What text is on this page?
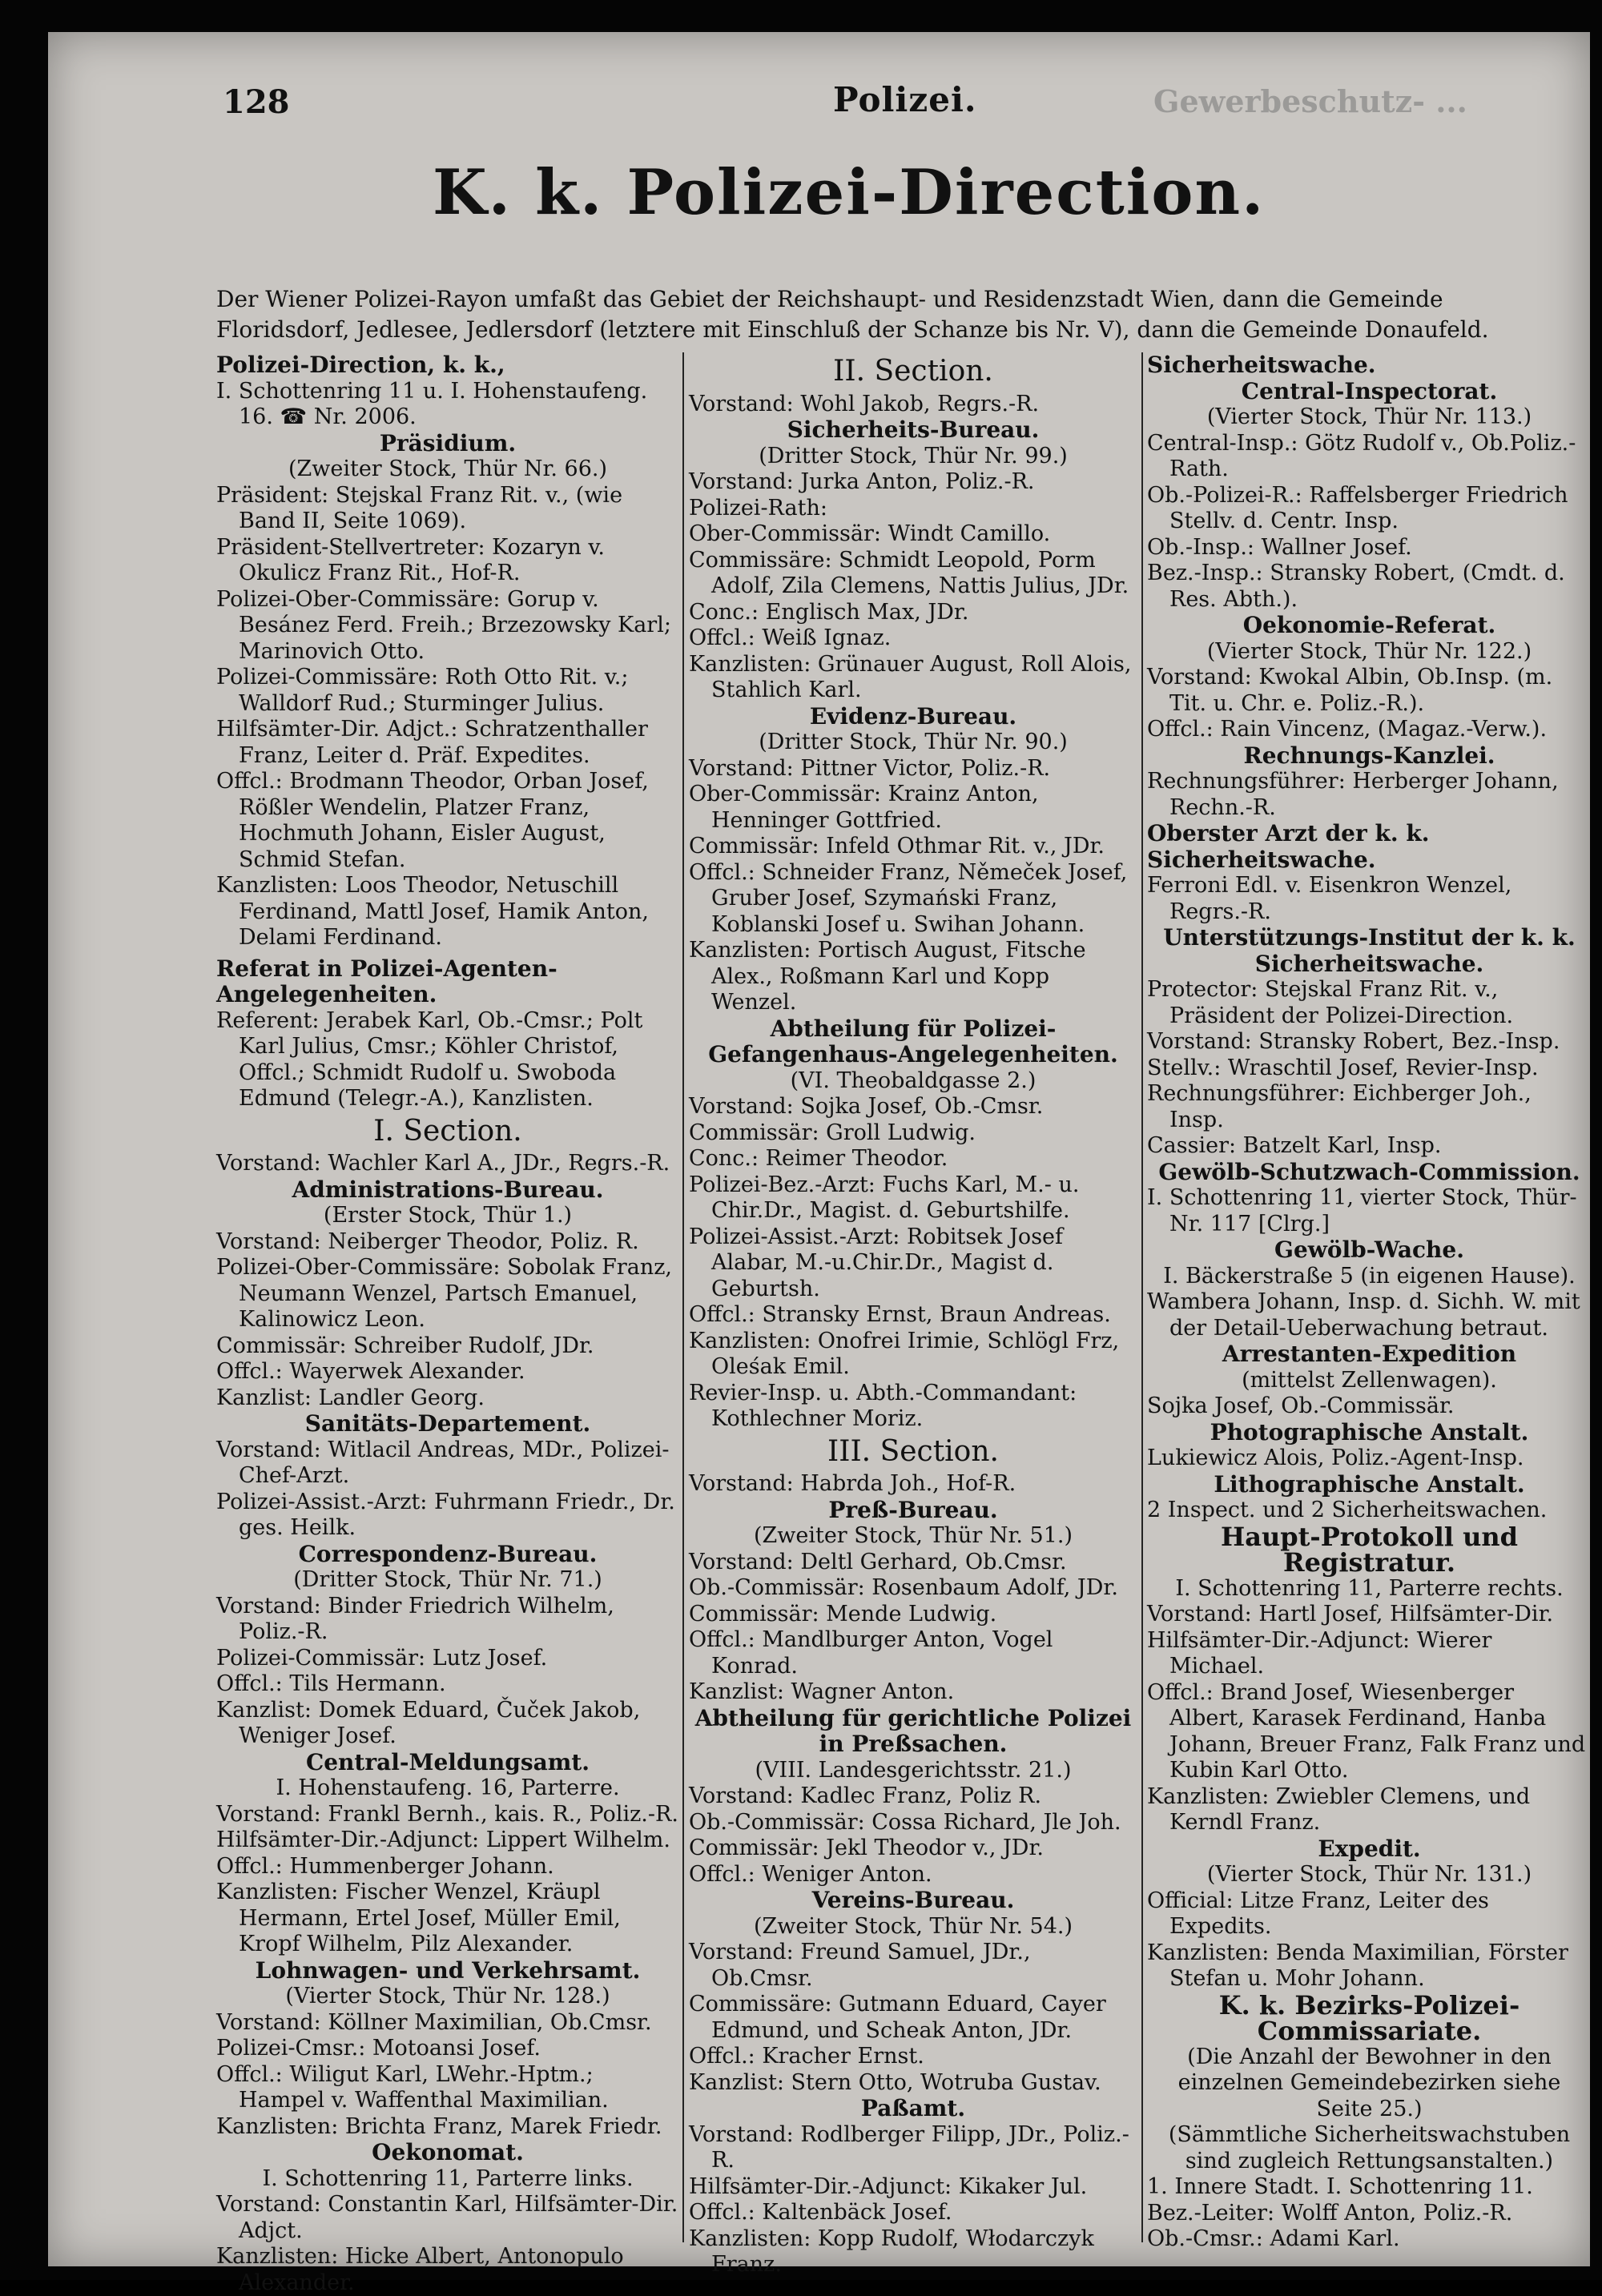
128	Polizei.	Gewerbeschutz- ...
K. k. Polizei-Direction.
Der Wiener Polizei-Rayon umfaßt das Gebiet der Reichshaupt- und Residenzstadt Wien, dann die Gemeinde Floridsdorf, Jedlesee, Jedlersdorf (letztere mit Einschluß der Schanze bis Nr. V), dann die Gemeinde Donaufeld.
Polizei-Direction, k. k.,
I. Schottenring 11 u. I. Hohenstaufeng. 16. ☎ Nr. 2006.
Präsidium.
(Zweiter Stock, Thür Nr. 66.)
Präsident: Stejskal Franz Rit. v., (wie Band II, Seite 1069).
Präsident-Stellvertreter: Kozaryn v. Okulicz Franz Rit., Hof-R.
Polizei-Ober-Commissäre: Gorup v. Besánez Ferd. Freih.; Brzezowsky Karl; Marinovich Otto.
Polizei-Commissäre: Roth Otto Rit. v.; Walldorf Rud.; Sturminger Julius.
Hilfsämter-Dir. Adjct.: Schratzenthaller Franz, Leiter d. Präf. Expedites.
Offcl.: Brodmann Theodor, Orban Josef, Rößler Wendelin, Platzer Franz, Hochmuth Johann, Eisler August, Schmid Stefan.
Kanzlisten: Loos Theodor, Netuschill Ferdinand, Mattl Josef, Hamik Anton, Delami Ferdinand.
Referat in Polizei-Agenten-Angelegenheiten.
Referent: Jerabek Karl, Ob.-Cmsr.; Polt Karl Julius, Cmsr.; Köhler Christof, Offcl.; Schmidt Rudolf u. Swoboda Edmund (Telegr.-A.), Kanzlisten.
I. Section.
Vorstand: Wachler Karl A., JDr., Regrs.-R.
Administrations-Bureau.
(Erster Stock, Thür 1.)
Vorstand: Neiberger Theodor, Poliz. R.
Polizei-Ober-Commissäre: Sobolak Franz, Neumann Wenzel, Partsch Emanuel, Kalinowicz Leon.
Commissär: Schreiber Rudolf, JDr.
Offcl.: Wayerwek Alexander.
Kanzlist: Landler Georg.
Sanitäts-Departement.
Vorstand: Witlacil Andreas, MDr., Polizei-Chef-Arzt.
Polizei-Assist.-Arzt: Fuhrmann Friedr., Dr. ges. Heilk.
Correspondenz-Bureau.
(Dritter Stock, Thür Nr. 71.)
Vorstand: Binder Friedrich Wilhelm, Poliz.-R.
Polizei-Commissär: Lutz Josef.
Offcl.: Tils Hermann.
Kanzlist: Domek Eduard, Čuček Jakob, Weniger Josef.
Central-Meldungsamt.
I. Hohenstaufeng. 16, Parterre.
Vorstand: Frankl Bernh., kais. R., Poliz.-R.
Hilfsämter-Dir.-Adjunct: Lippert Wilhelm.
Offcl.: Hummenberger Johann.
Kanzlisten: Fischer Wenzel, Kräupl Hermann, Ertel Josef, Müller Emil, Kropf Wilhelm, Pilz Alexander.
Lohnwagen- und Verkehrsamt.
(Vierter Stock, Thür Nr. 128.)
Vorstand: Köllner Maximilian, Ob.Cmsr.
Polizei-Cmsr.: Motoansi Josef.
Offcl.: Wiligut Karl, LWehr.-Hptm.; Hampel v. Waffenthal Maximilian.
Kanzlisten: Brichta Franz, Marek Friedr.
Oekonomat.
I. Schottenring 11, Parterre links.
Vorstand: Constantin Karl, Hilfsämter-Dir. Adjct.
Kanzlisten: Hicke Albert, Antonopulo Alexander.
II. Section.
Vorstand: Wohl Jakob, Regrs.-R.
Sicherheits-Bureau.
(Dritter Stock, Thür Nr. 99.)
Vorstand: Jurka Anton, Poliz.-R.
Polizei-Rath:
Ober-Commissär: Windt Camillo.
Commissäre: Schmidt Leopold, Porm Adolf, Zila Clemens, Nattis Julius, JDr.
Conc.: Englisch Max, JDr.
Offcl.: Weiß Ignaz.
Kanzlisten: Grünauer August, Roll Alois, Stahlich Karl.
Evidenz-Bureau.
(Dritter Stock, Thür Nr. 90.)
Vorstand: Pittner Victor, Poliz.-R.
Ober-Commissär: Krainz Anton, Henninger Gottfried.
Commissär: Infeld Othmar Rit. v., JDr.
Offcl.: Schneider Franz, Němeček Josef, Gruber Josef, Szymański Franz, Koblanski Josef u. Swihan Johann.
Kanzlisten: Portisch August, Fitsche Alex., Roßmann Karl und Kopp Wenzel.
Abtheilung für Polizei-Gefangenhaus-Angelegenheiten.
(VI. Theobaldgasse 2.)
Vorstand: Sojka Josef, Ob.-Cmsr.
Commissär: Groll Ludwig.
Conc.: Reimer Theodor.
Polizei-Bez.-Arzt: Fuchs Karl, M.- u. Chir.Dr., Magist. d. Geburtshilfe.
Polizei-Assist.-Arzt: Robitsek Josef Alabar, M.-u.Chir.Dr., Magist d. Geburtsh.
Offcl.: Stransky Ernst, Braun Andreas.
Kanzlisten: Onofrei Irimie, Schlögl Frz, Oleśak Emil.
Revier-Insp. u. Abth.-Commandant: Kothlechner Moriz.
III. Section.
Vorstand: Habrda Joh., Hof-R.
Preß-Bureau.
(Zweiter Stock, Thür Nr. 51.)
Vorstand: Deltl Gerhard, Ob.Cmsr.
Ob.-Commissär: Rosenbaum Adolf, JDr.
Commissär: Mende Ludwig.
Offcl.: Mandlburger Anton, Vogel Konrad.
Kanzlist: Wagner Anton.
Abtheilung für gerichtliche Polizei in Preßsachen.
(VIII. Landesgerichtsstr. 21.)
Vorstand: Kadlec Franz, Poliz R.
Ob.-Commissär: Cossa Richard, Jle Joh.
Commissär: Jekl Theodor v., JDr.
Offcl.: Weniger Anton.
Vereins-Bureau.
(Zweiter Stock, Thür Nr. 54.)
Vorstand: Freund Samuel, JDr., Ob.Cmsr.
Commissäre: Gutmann Eduard, Cayer Edmund, und Scheak Anton, JDr.
Offcl.: Kracher Ernst.
Kanzlist: Stern Otto, Wotruba Gustav.
Paßamt.
Vorstand: Rodlberger Filipp, JDr., Poliz.-R.
Hilfsämter-Dir.-Adjunct: Kikaker Jul.
Offcl.: Kaltenbäck Josef.
Kanzlisten: Kopp Rudolf, Włodarczyk Franz.
Sicherheitswache.
Central-Inspectorat.
(Vierter Stock, Thür Nr. 113.)
Central-Insp.: Götz Rudolf v., Ob.Poliz.-Rath.
Ob.-Polizei-R.: Raffelsberger Friedrich Stellv. d. Centr. Insp.
Ob.-Insp.: Wallner Josef.
Bez.-Insp.: Stransky Robert, (Cmdt. d. Res. Abth.).
Oekonomie-Referat.
(Vierter Stock, Thür Nr. 122.)
Vorstand: Kwokal Albin, Ob.Insp. (m. Tit. u. Chr. e. Poliz.-R.).
Offcl.: Rain Vincenz, (Magaz.-Verw.).
Rechnungs-Kanzlei.
Rechnungsführer: Herberger Johann, Rechn.-R.
Oberster Arzt der k. k. Sicherheitswache.
Ferroni Edl. v. Eisenkron Wenzel, Regrs.-R.
Unterstützungs-Institut der k. k. Sicherheitswache.
Protector: Stejskal Franz Rit. v., Präsident der Polizei-Direction.
Vorstand: Stransky Robert, Bez.-Insp.
Stellv.: Wraschtil Josef, Revier-Insp.
Rechnungsführer: Eichberger Joh., Insp.
Cassier: Batzelt Karl, Insp.
Gewölb-Schutzwach-Commission.
I. Schottenring 11, vierter Stock, Thür-Nr. 117 [Clrg.]
Gewölb-Wache.
I. Bäckerstraße 5 (in eigenen Hause).
Wambera Johann, Insp. d. Sichh. W. mit der Detail-Ueberwachung betraut.
Arrestanten-Expedition
(mittelst Zellenwagen).
Sojka Josef, Ob.-Commissär.
Photographische Anstalt.
Lukiewicz Alois, Poliz.-Agent-Insp.
Lithographische Anstalt.
2 Inspect. und 2 Sicherheitswachen.
Haupt-Protokoll und Registratur.
I. Schottenring 11, Parterre rechts.
Vorstand: Hartl Josef, Hilfsämter-Dir.
Hilfsämter-Dir.-Adjunct: Wierer Michael.
Offcl.: Brand Josef, Wiesenberger Albert, Karasek Ferdinand, Hanba Johann, Breuer Franz, Falk Franz und Kubin Karl Otto.
Kanzlisten: Zwiebler Clemens, und Kerndl Franz.
Expedit.
(Vierter Stock, Thür Nr. 131.)
Official: Litze Franz, Leiter des Expedits.
Kanzlisten: Benda Maximilian, Förster Stefan u. Mohr Johann.
K. k. Bezirks-Polizei-Commissariate.
(Die Anzahl der Bewohner in den einzelnen Gemeindebezirken siehe Seite 25.)
(Sämmtliche Sicherheitswachstuben sind zugleich Rettungsanstalten.)
1. Innere Stadt. I. Schottenring 11.
Bez.-Leiter: Wolff Anton, Poliz.-R.
Ob.-Cmsr.: Adami Karl.
